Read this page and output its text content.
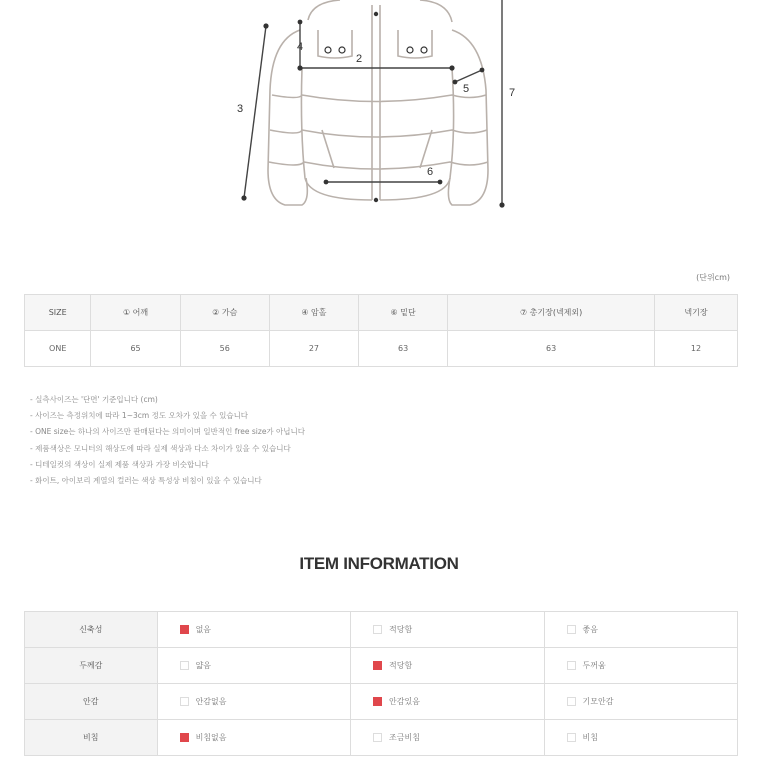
2
3
4
5
6
7
(단위cm)
SIZE	① 어깨	② 가슴	④ 암홀	⑥ 밑단	⑦ 총기장(넥제외)	넥기장
ONE	65	56	27	63	63	12
- 실측사이즈는 '단면' 기준입니다 (cm)
- 사이즈는 측정위치에 따라 1~3cm 정도 오차가 있을 수 있습니다
- ONE size는 하나의 사이즈만 판매된다는 의미이며 일반적인 free size가 아닙니다
- 제품색상은 모니터의 해상도에 따라 실제 색상과 다소 차이가 있을 수 있습니다
- 디테일컷의 색상이 실제 제품 색상과 가장 비슷합니다
- 화이트, 아이보리 계열의 컬러는 색상 특성상 비침이 있을 수 있습니다
ITEM INFORMATION
신축성	없음	적당함	좋음
두께감	얇음	적당함	두꺼움
안감	안감없음	안감있음	기모안감
비침	비침없음	조금비침	비침
